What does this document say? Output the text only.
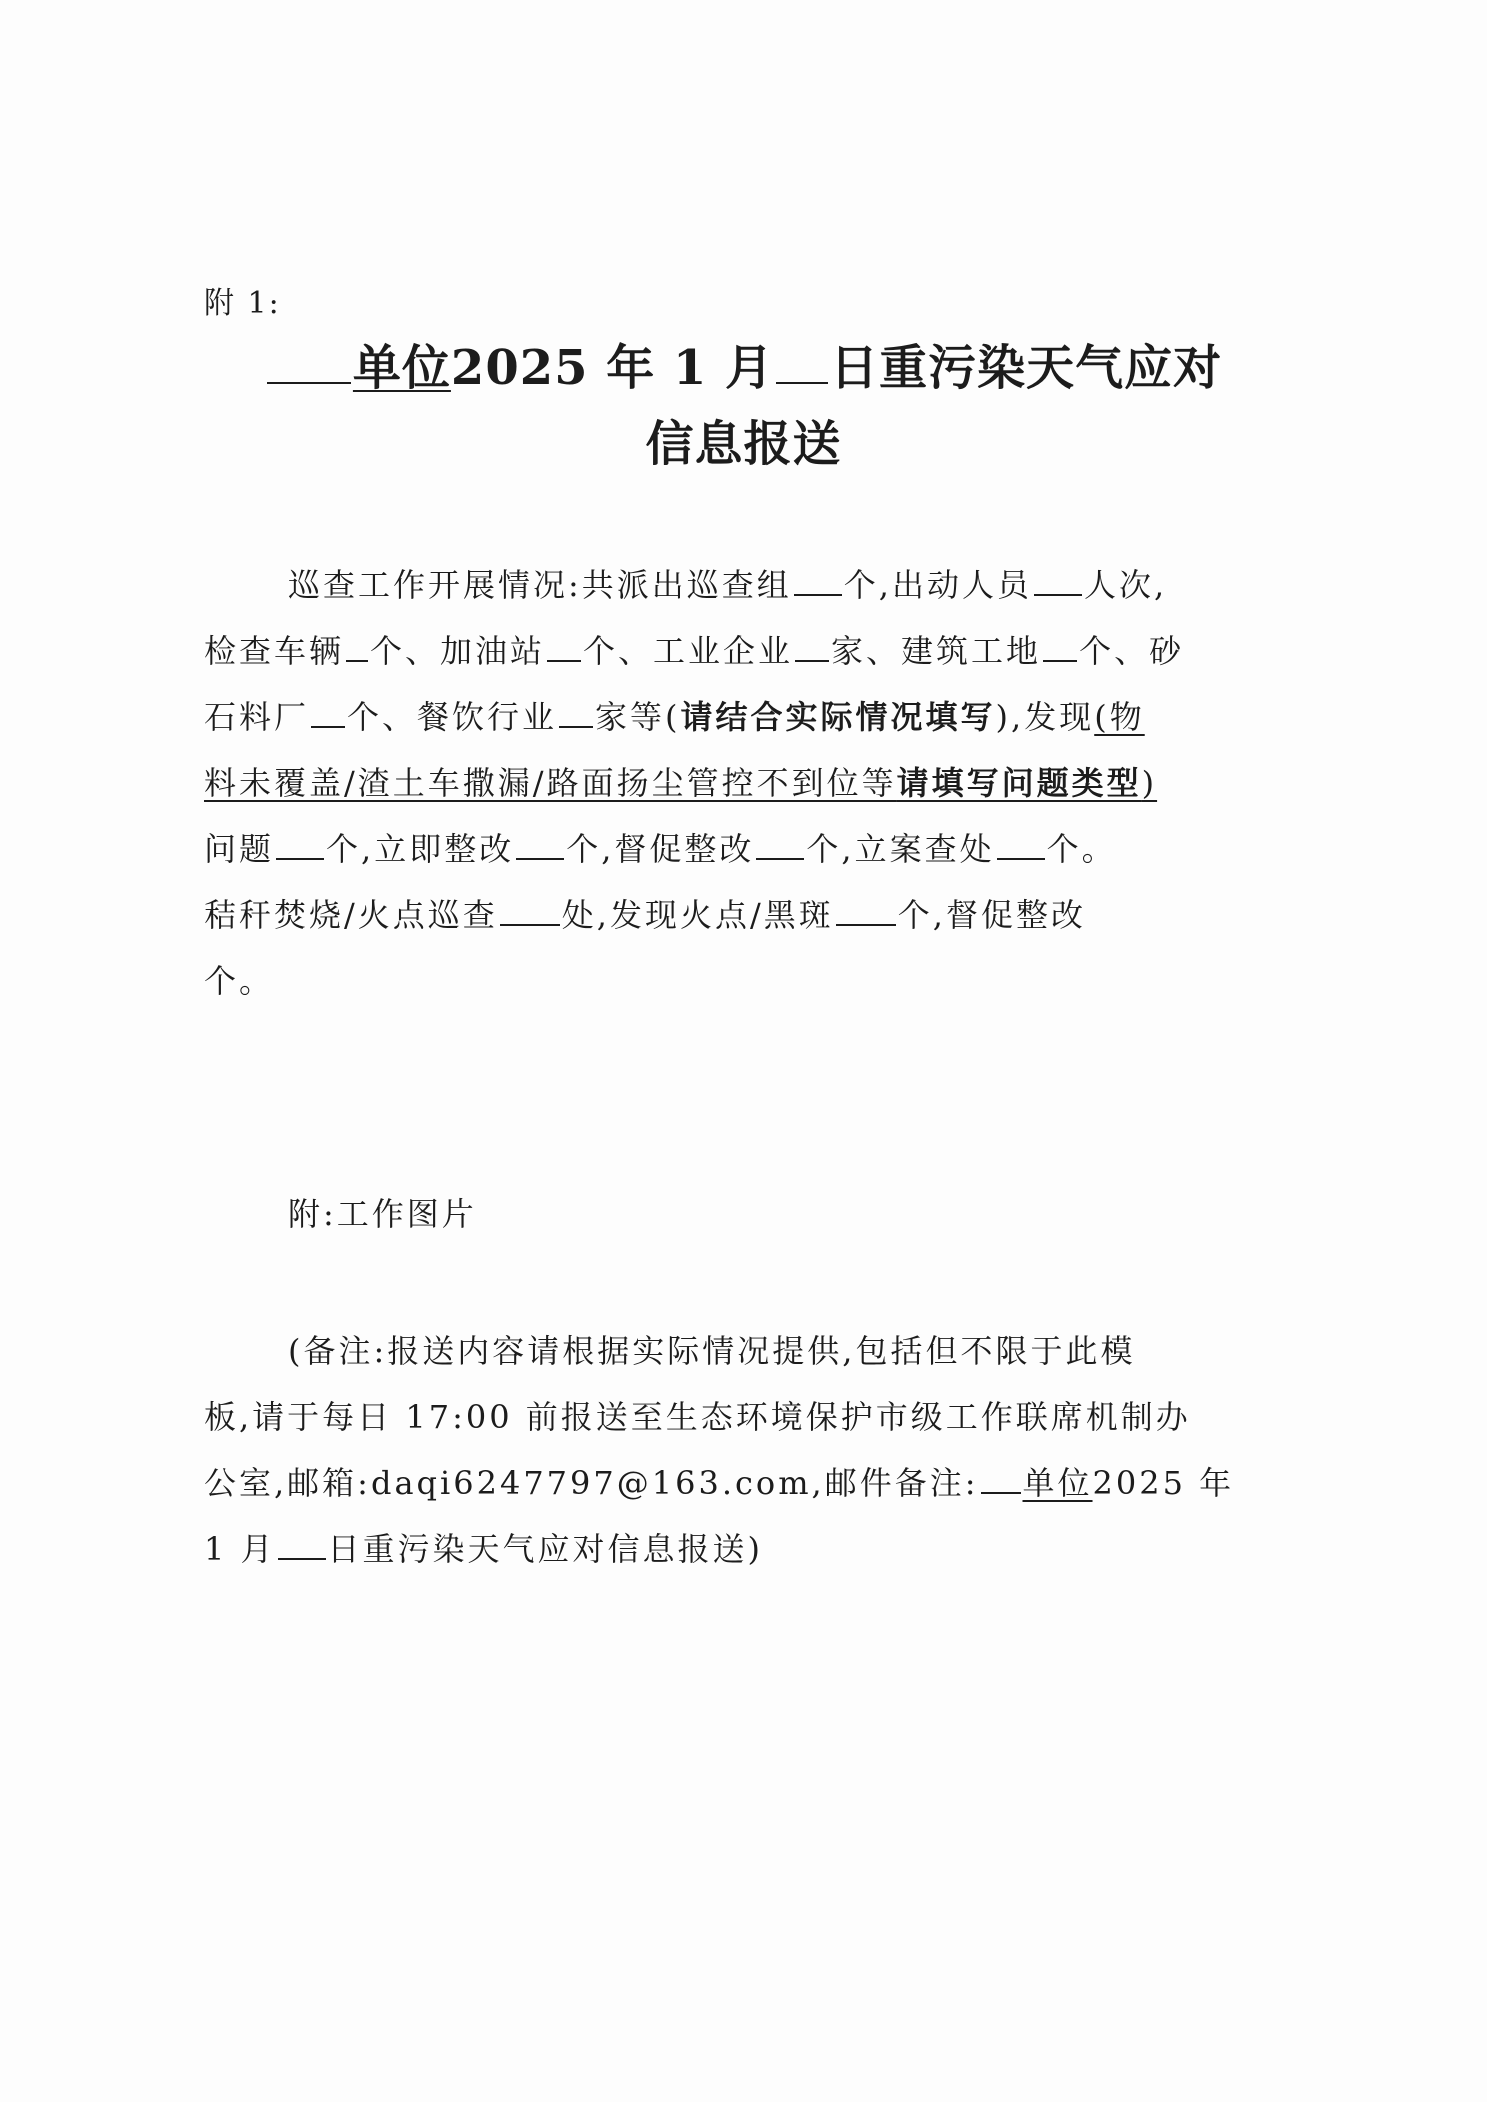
附 1:
单位2025 年 1 月 日重污染天气应对
信息报送
巡查工作开展情况:共派出巡查组 个,出动人员 人次,
检查车辆 个、加油站 个、工业企业 家、建筑工地 个、砂
石料厂 个、餐饮行业 家等(请结合实际情况填写),发现(物
料未覆盖/渣土车撒漏/路面扬尘管控不到位等请填写问题类型)
问题 个,立即整改 个,督促整改 个,立案查处 个。
秸秆焚烧/火点巡查 处,发现火点/黑斑 个,督促整改
个。
附:工作图片
(备注:报送内容请根据实际情况提供,包括但不限于此模
板,请于每日 17:00 前报送至生态环境保护市级工作联席机制办
公室,邮箱:daqi6247797@163.com,邮件备注: 单位2025 年
1 月 日重污染天气应对信息报送)
